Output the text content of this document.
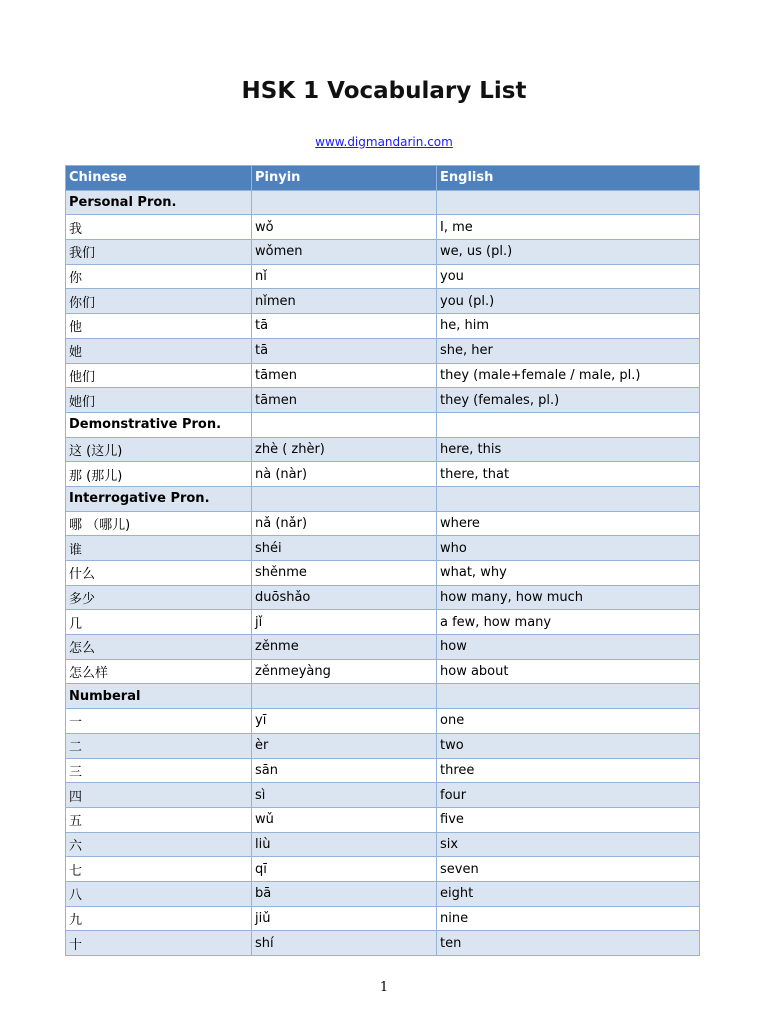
HSK 1 Vocabulary List
www.digmandarin.com
Chinese	Pinyin	English
Personal Pron.		
我	wǒ	I, me
我们	wǒmen	we, us (pl.)
你	nǐ	you
你们	nǐmen	you (pl.)
他	tā	he, him
她	tā	she, her
他们	tāmen	they (male+female / male, pl.)
她们	tāmen	they (females, pl.)
Demonstrative Pron.		
这 (这儿)	zhè ( zhèr)	here, this
那 (那儿)	nà (nàr)	there, that
Interrogative Pron.		
哪 （哪儿)	nǎ (nǎr)	where
谁	shéi	who
什么	shěnme	what, why
多少	duōshǎo	how many, how much
几	jǐ	a few, how many
怎么	zěnme	how
怎么样	zěnmeyàng	how about
Numberal		
一	yī	one
二	èr	two
三	sān	three
四	sì	four
五	wǔ	five
六	liù	six
七	qī	seven
八	bā	eight
九	jiǔ	nine
十	shí	ten
1
